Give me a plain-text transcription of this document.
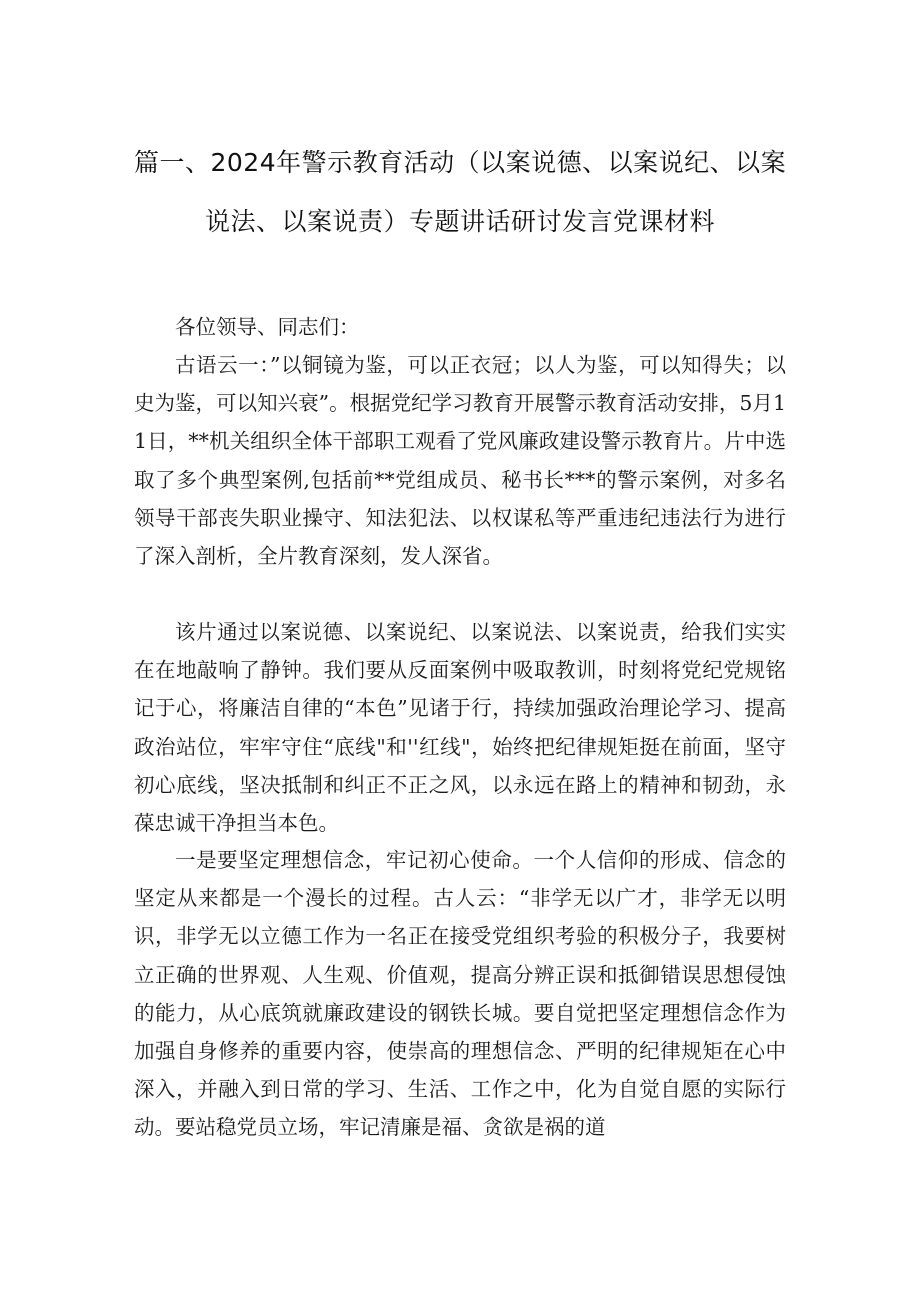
篇一、2024年警示教育活动（以案说德、以案说纪、以案
说法、以案说责）专题讲话研讨发言党课材料

各位领导、同志们：

古语云一：”以铜镜为鉴，可以正衣冠；以人为鉴，可以知得失；以史为鉴，可以知兴衰”。根据党纪学习教育开展警示教育活动安排，5月11日，**机关组织全体干部职工观看了党风廉政建设警示教育片。片中选取了多个典型案例,包括前**党组成员、秘书长***的警示案例，对多名领导干部丧失职业操守、知法犯法、以权谋私等严重违纪违法行为进行了深入剖析，全片教育深刻，发人深省。

该片通过以案说德、以案说纪、以案说法、以案说责，给我们实实在在地敲响了静钟。我们要从反面案例中吸取教训，时刻将党纪党规铭记于心，将廉洁自律的“本色”见诸于行，持续加强政治理论学习、提高政治站位，牢牢守住“底线"和''红线"，始终把纪律规矩挺在前面，坚守初心底线，坚决抵制和纠正不正之风，以永远在路上的精神和韧劲，永葆忠诚干净担当本色。

一是要坚定理想信念，牢记初心使命。一个人信仰的形成、信念的坚定从来都是一个漫长的过程。古人云：“非学无以广才，非学无以明识，非学无以立德工作为一名正在接受党组织考验的积极分子，我要树立正确的世界观、人生观、价值观，提高分辨正误和抵御错误思想侵蚀的能力，从心底筑就廉政建设的钢铁长城。要自觉把坚定理想信念作为加强自身修养的重要内容，使崇高的理想信念、严明的纪律规矩在心中深入，并融入到日常的学习、生活、工作之中，化为自觉自愿的实际行动。要站稳党员立场，牢记清廉是福、贪欲是祸的道
